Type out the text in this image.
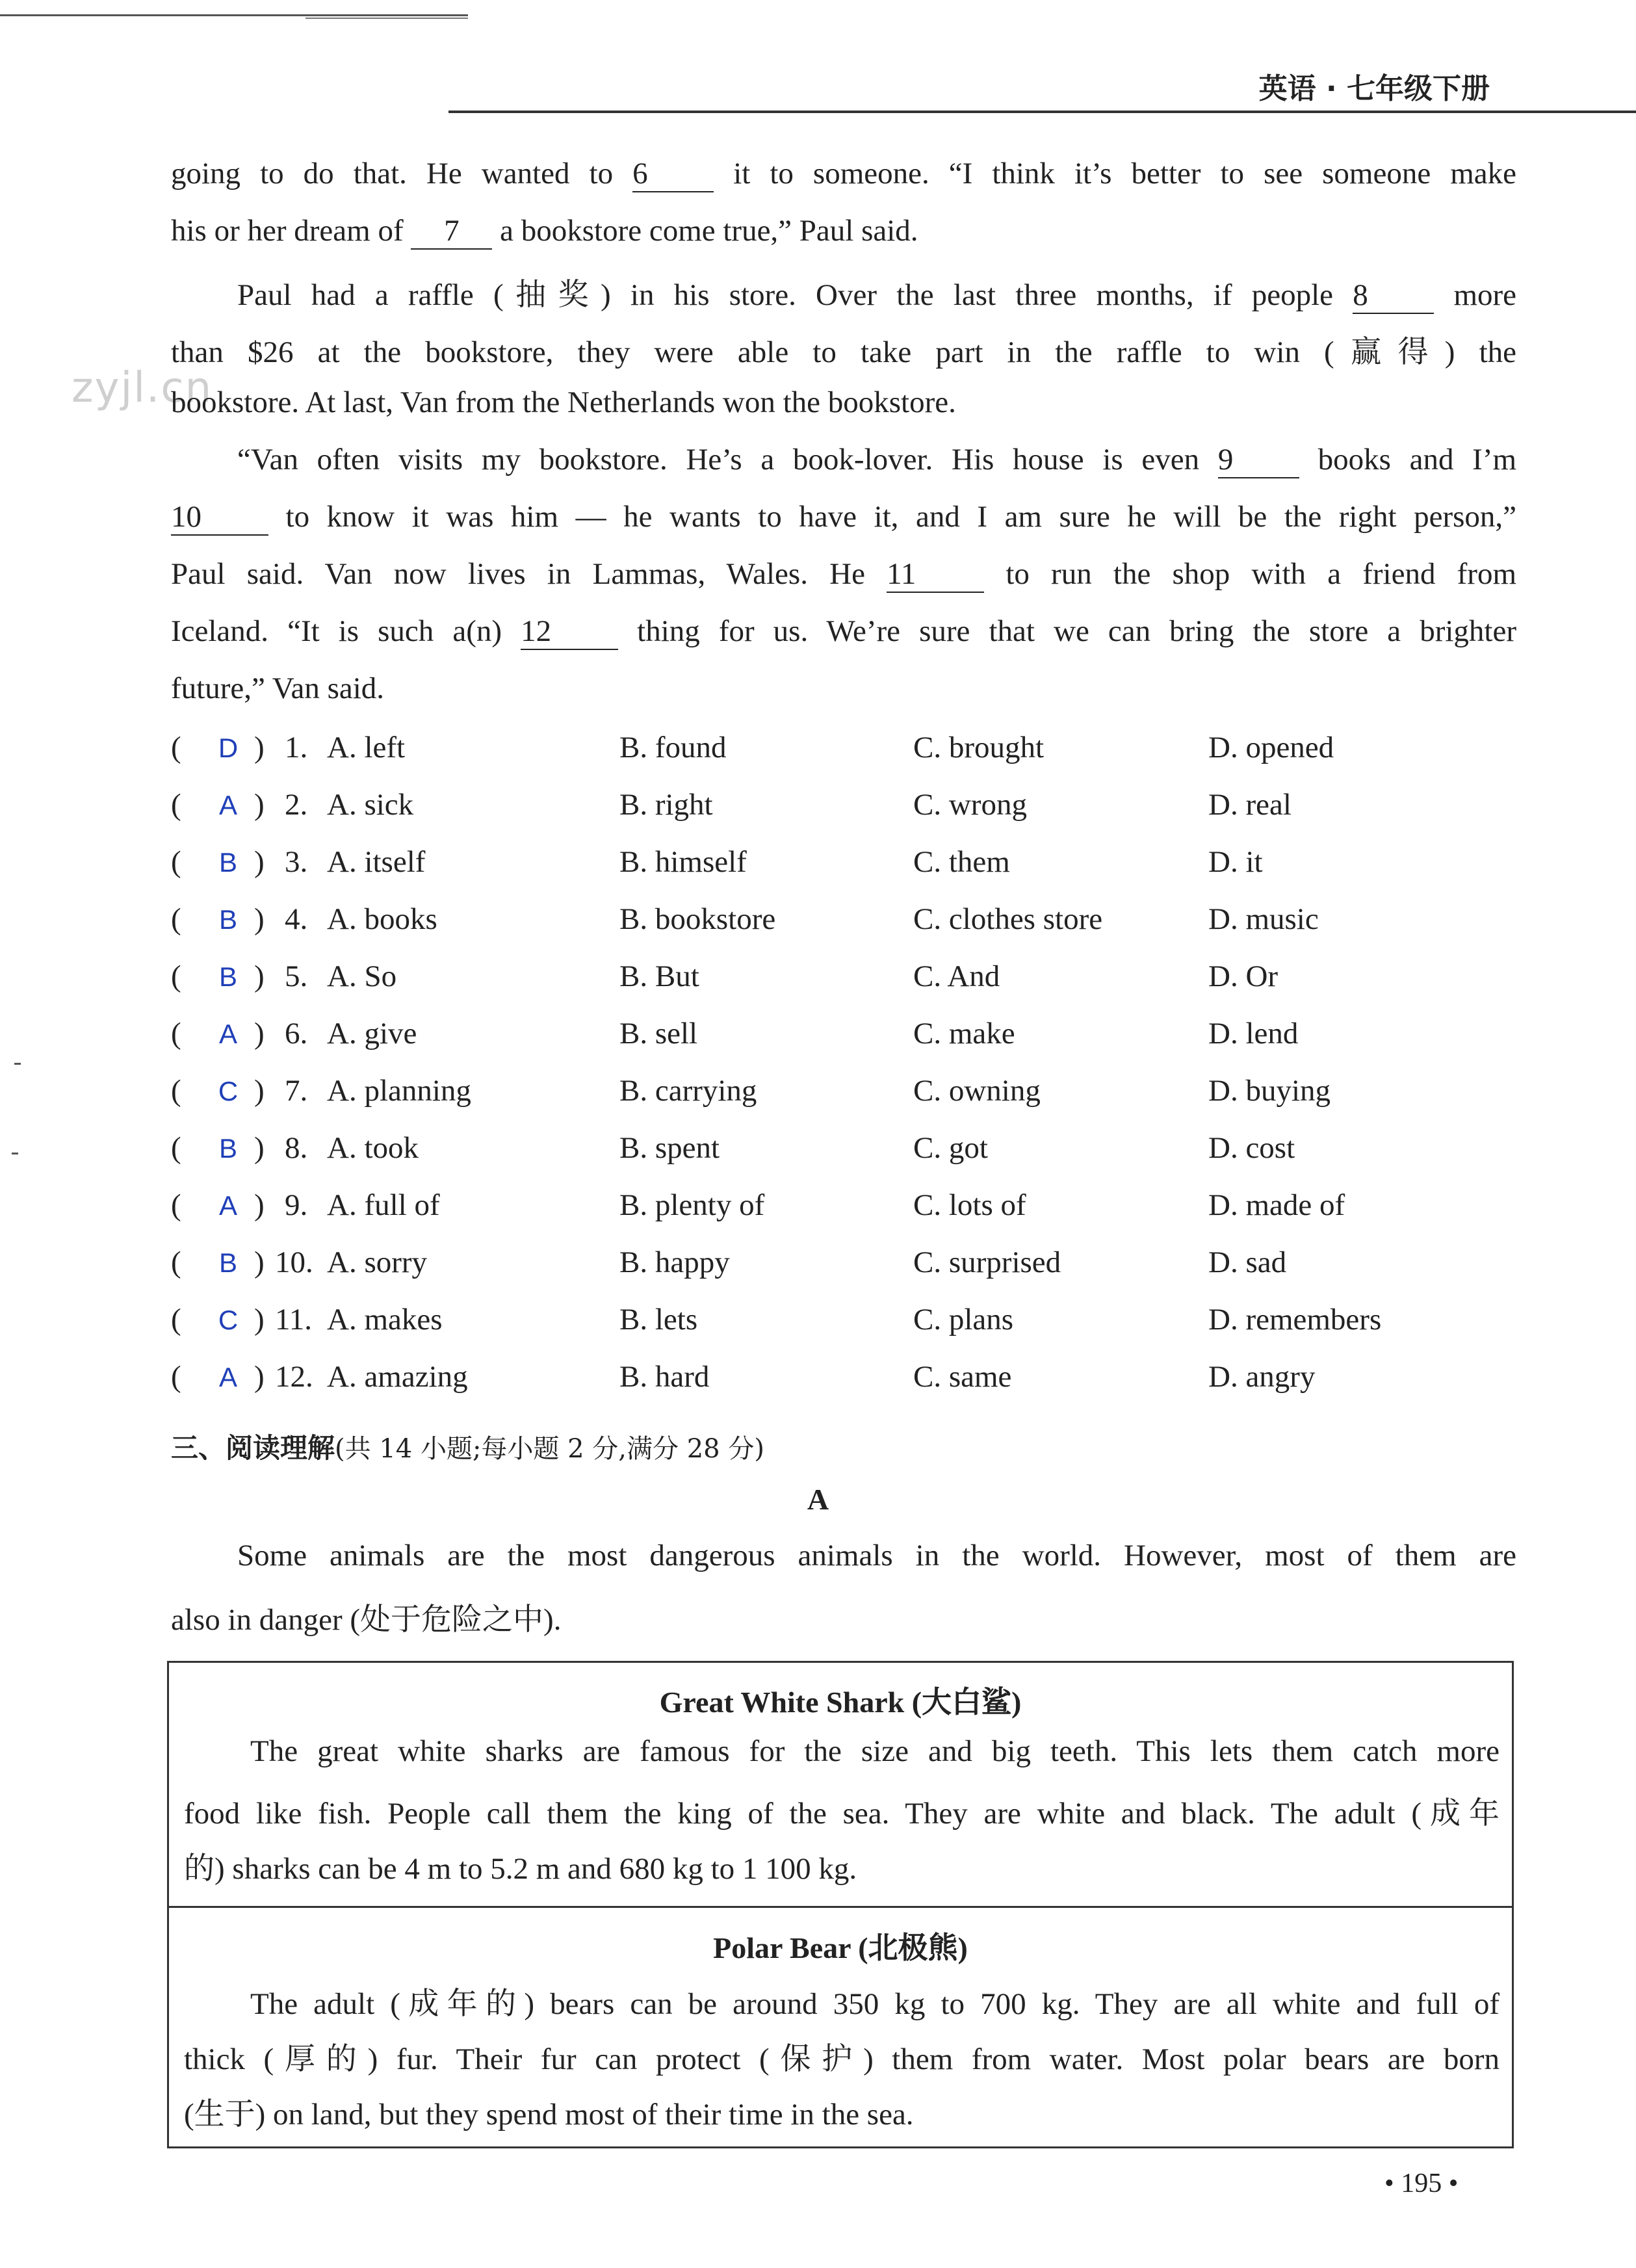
英语 · 七年级下册
zyjl.cn
going to do that. He wanted to 6	it to someone. “I think it’s better to see someone make
his or her dream of 7 a bookstore come true,” Paul said.
Paul had a raffle (抽奖) in his store. Over the last three months, if people 8	more
than $26 at the bookstore, they were able to take part in the raffle to win (赢得) the
bookstore. At last, Van from the Netherlands won the bookstore.
“Van often visits my bookstore. He’s a book-lover. His house is even 9	books and I’m
10	to know it was him — he wants to have it, and I am sure he will be the right person,”
Paul said. Van now lives in Lammas, Wales. He 11	to run the shop with a friend from
Iceland. “It is such a(n) 12	thing for us. We’re sure that we can bring the store a brighter
future,” Van said.
(	D ) 1. A. left	B. found	C. brought	D. opened
(	A ) 2. A. sick	B. right	C. wrong	D. real
(	B ) 3. A. itself	B. himself	C. them	D. it
(	B ) 4. A. books	B. bookstore	C. clothes store	D. music
(	B ) 5. A. So	B. But	C. And	D. Or
(	A ) 6. A. give	B. sell	C. make	D. lend
(	C ) 7. A. planning	B. carrying	C. owning	D. buying
(	B ) 8. A. took	B. spent	C. got	D. cost
(	A ) 9. A. full of	B. plenty of	C. lots of	D. made of
(	B ) 10. A. sorry	B. happy	C. surprised	D. sad
(	C ) 11. A. makes	B. lets	C. plans	D. remembers
(	A ) 12. A. amazing	B. hard	C. same	D. angry
三、阅读理解(共 14 小题;每小题 2 分,满分 28 分)
A
Some animals are the most dangerous animals in the world. However, most of them are
also in danger (处于危险之中).
Great White Shark (大白鲨)
The great white sharks are famous for the size and big teeth. This lets them catch more
food like fish. People call them the king of the sea. They are white and black. The adult (成年
的) sharks can be 4 m to 5.2 m and 680 kg to 1 100 kg.
Polar Bear (北极熊)
The adult (成年的) bears can be around 350 kg to 700 kg. They are all white and full of
thick (厚的) fur. Their fur can protect (保护) them from water. Most polar bears are born
(生于) on land, but they spend most of their time in the sea.
• 195 •
